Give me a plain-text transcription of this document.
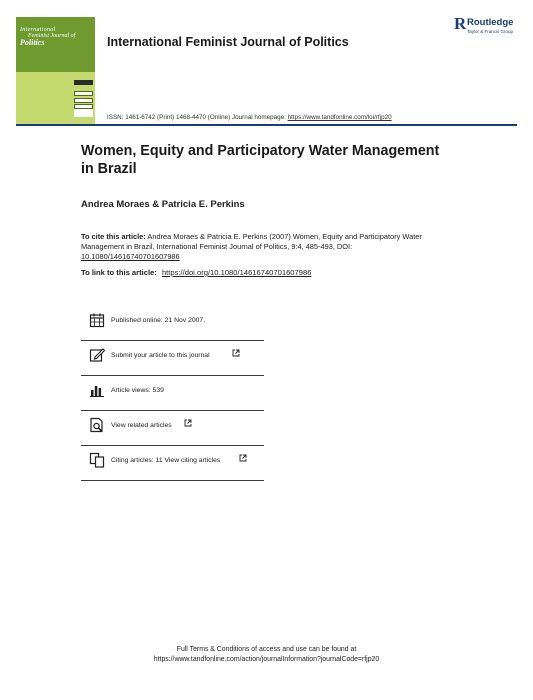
International
Feminist Journal of
Politics	International Feminist Journal of Politics
R Routledge
Taylor & Francis Group
ISSN: 1461-6742 (Print) 1468-4470 (Online) Journal homepage: https://www.tandfonline.com/loi/rfjp20
Women, Equity and Participatory Water Management in Brazil
Andrea Moraes & Patricia E. Perkins
To cite this article: Andrea Moraes & Patricia E. Perkins (2007) Women, Equity and Participatory Water Management in Brazil, International Feminist Journal of Politics, 9:4, 485-493, DOI: 10.1080/14616740701607986
To link to this article: https://doi.org/10.1080/14616740701607986
Published online: 21 Nov 2007.
Submit your article to this journal
Article views: 539
View related articles
Citing articles: 11 View citing articles
Full Terms & Conditions of access and use can be found at
https://www.tandfonline.com/action/journalInformation?journalCode=rfjp20
